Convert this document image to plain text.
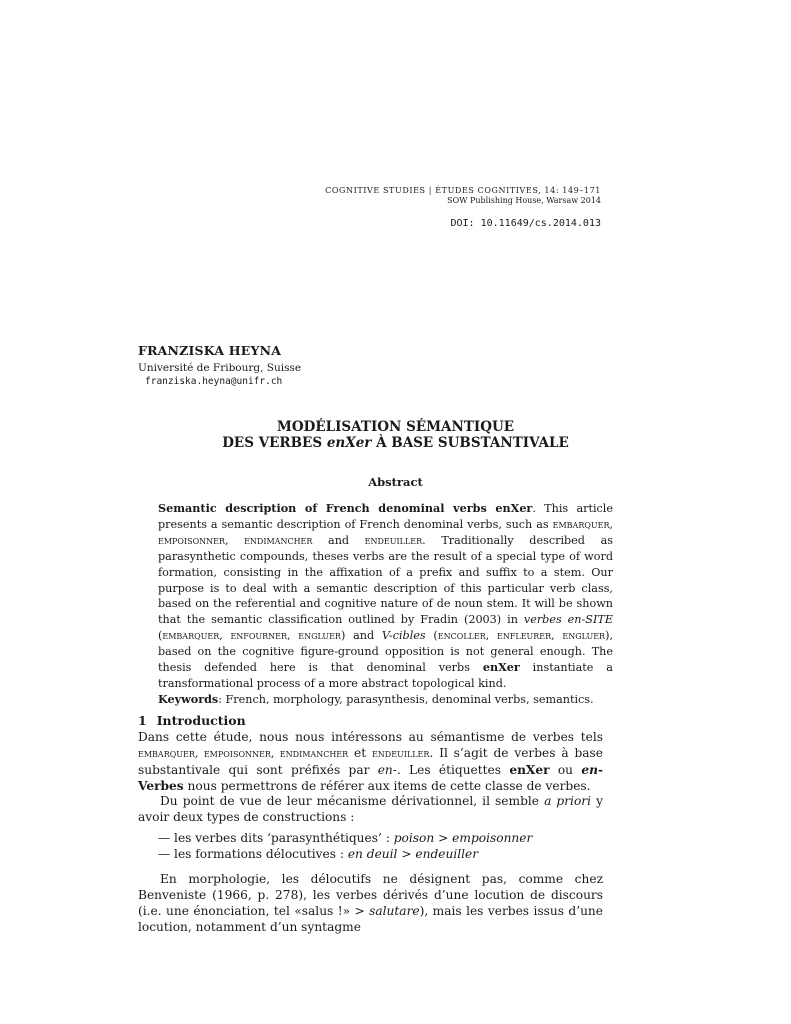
COGNITIVE STUDIES | ÉTUDES COGNITIVES, 14: 149–171
SOW Publishing House, Warsaw 2014
DOI: 10.11649/cs.2014.013
FRANZISKA HEYNA
Université de Fribourg, Suisse
franziska.heyna@unifr.ch
MODÉLISATION SÉMANTIQUE
DES VERBES enXer À BASE SUBSTANTIVALE
Abstract

Semantic description of French denominal verbs enXer. This article presents a semantic description of French denominal verbs, such as embarquer, empoisonner, endimancher and endeuiller. Traditionally described as parasynthetic compounds, theses verbs are the result of a special type of word formation, consisting in the affixation of a prefix and suffix to a stem. Our purpose is to deal with a semantic description of this particular verb class, based on the referential and cognitive nature of de noun stem. It will be shown that the semantic classification outlined by Fradin (2003) in verbes en-SITE (embarquer, enfourner, engluer) and V-cibles (encoller, enfleurer, engluer), based on the cognitive figure-ground opposition is not general enough. The thesis defended here is that denominal verbs enXer instantiate a transformational process of a more abstract topological kind.

Keywords: French, morphology, parasynthesis, denominal verbs, semantics.

1 Introduction
Dans cette étude, nous nous intéressons au sémantisme de verbes tels embarquer, empoisonner, endimancher et endeuiller. Il s’agit de verbes à base substantivale qui sont préfixés par en-. Les étiquettes enXer ou en-Verbes nous permettrons de référer aux items de cette classe de verbes.
Du point de vue de leur mécanisme dérivationnel, il semble a priori y avoir deux types de constructions :
— les verbes dits ‘parasynthétiques’ : poison > empoisonner
— les formations délocutives : en deuil > endeuiller
En morphologie, les délocutifs ne désignent pas, comme chez Benveniste (1966, p. 278), les verbes dérivés d’une locution de discours (i.e. une énonciation, tel «salus !» > salutare), mais les verbes issus d’une locution, notamment d’un syntagme
